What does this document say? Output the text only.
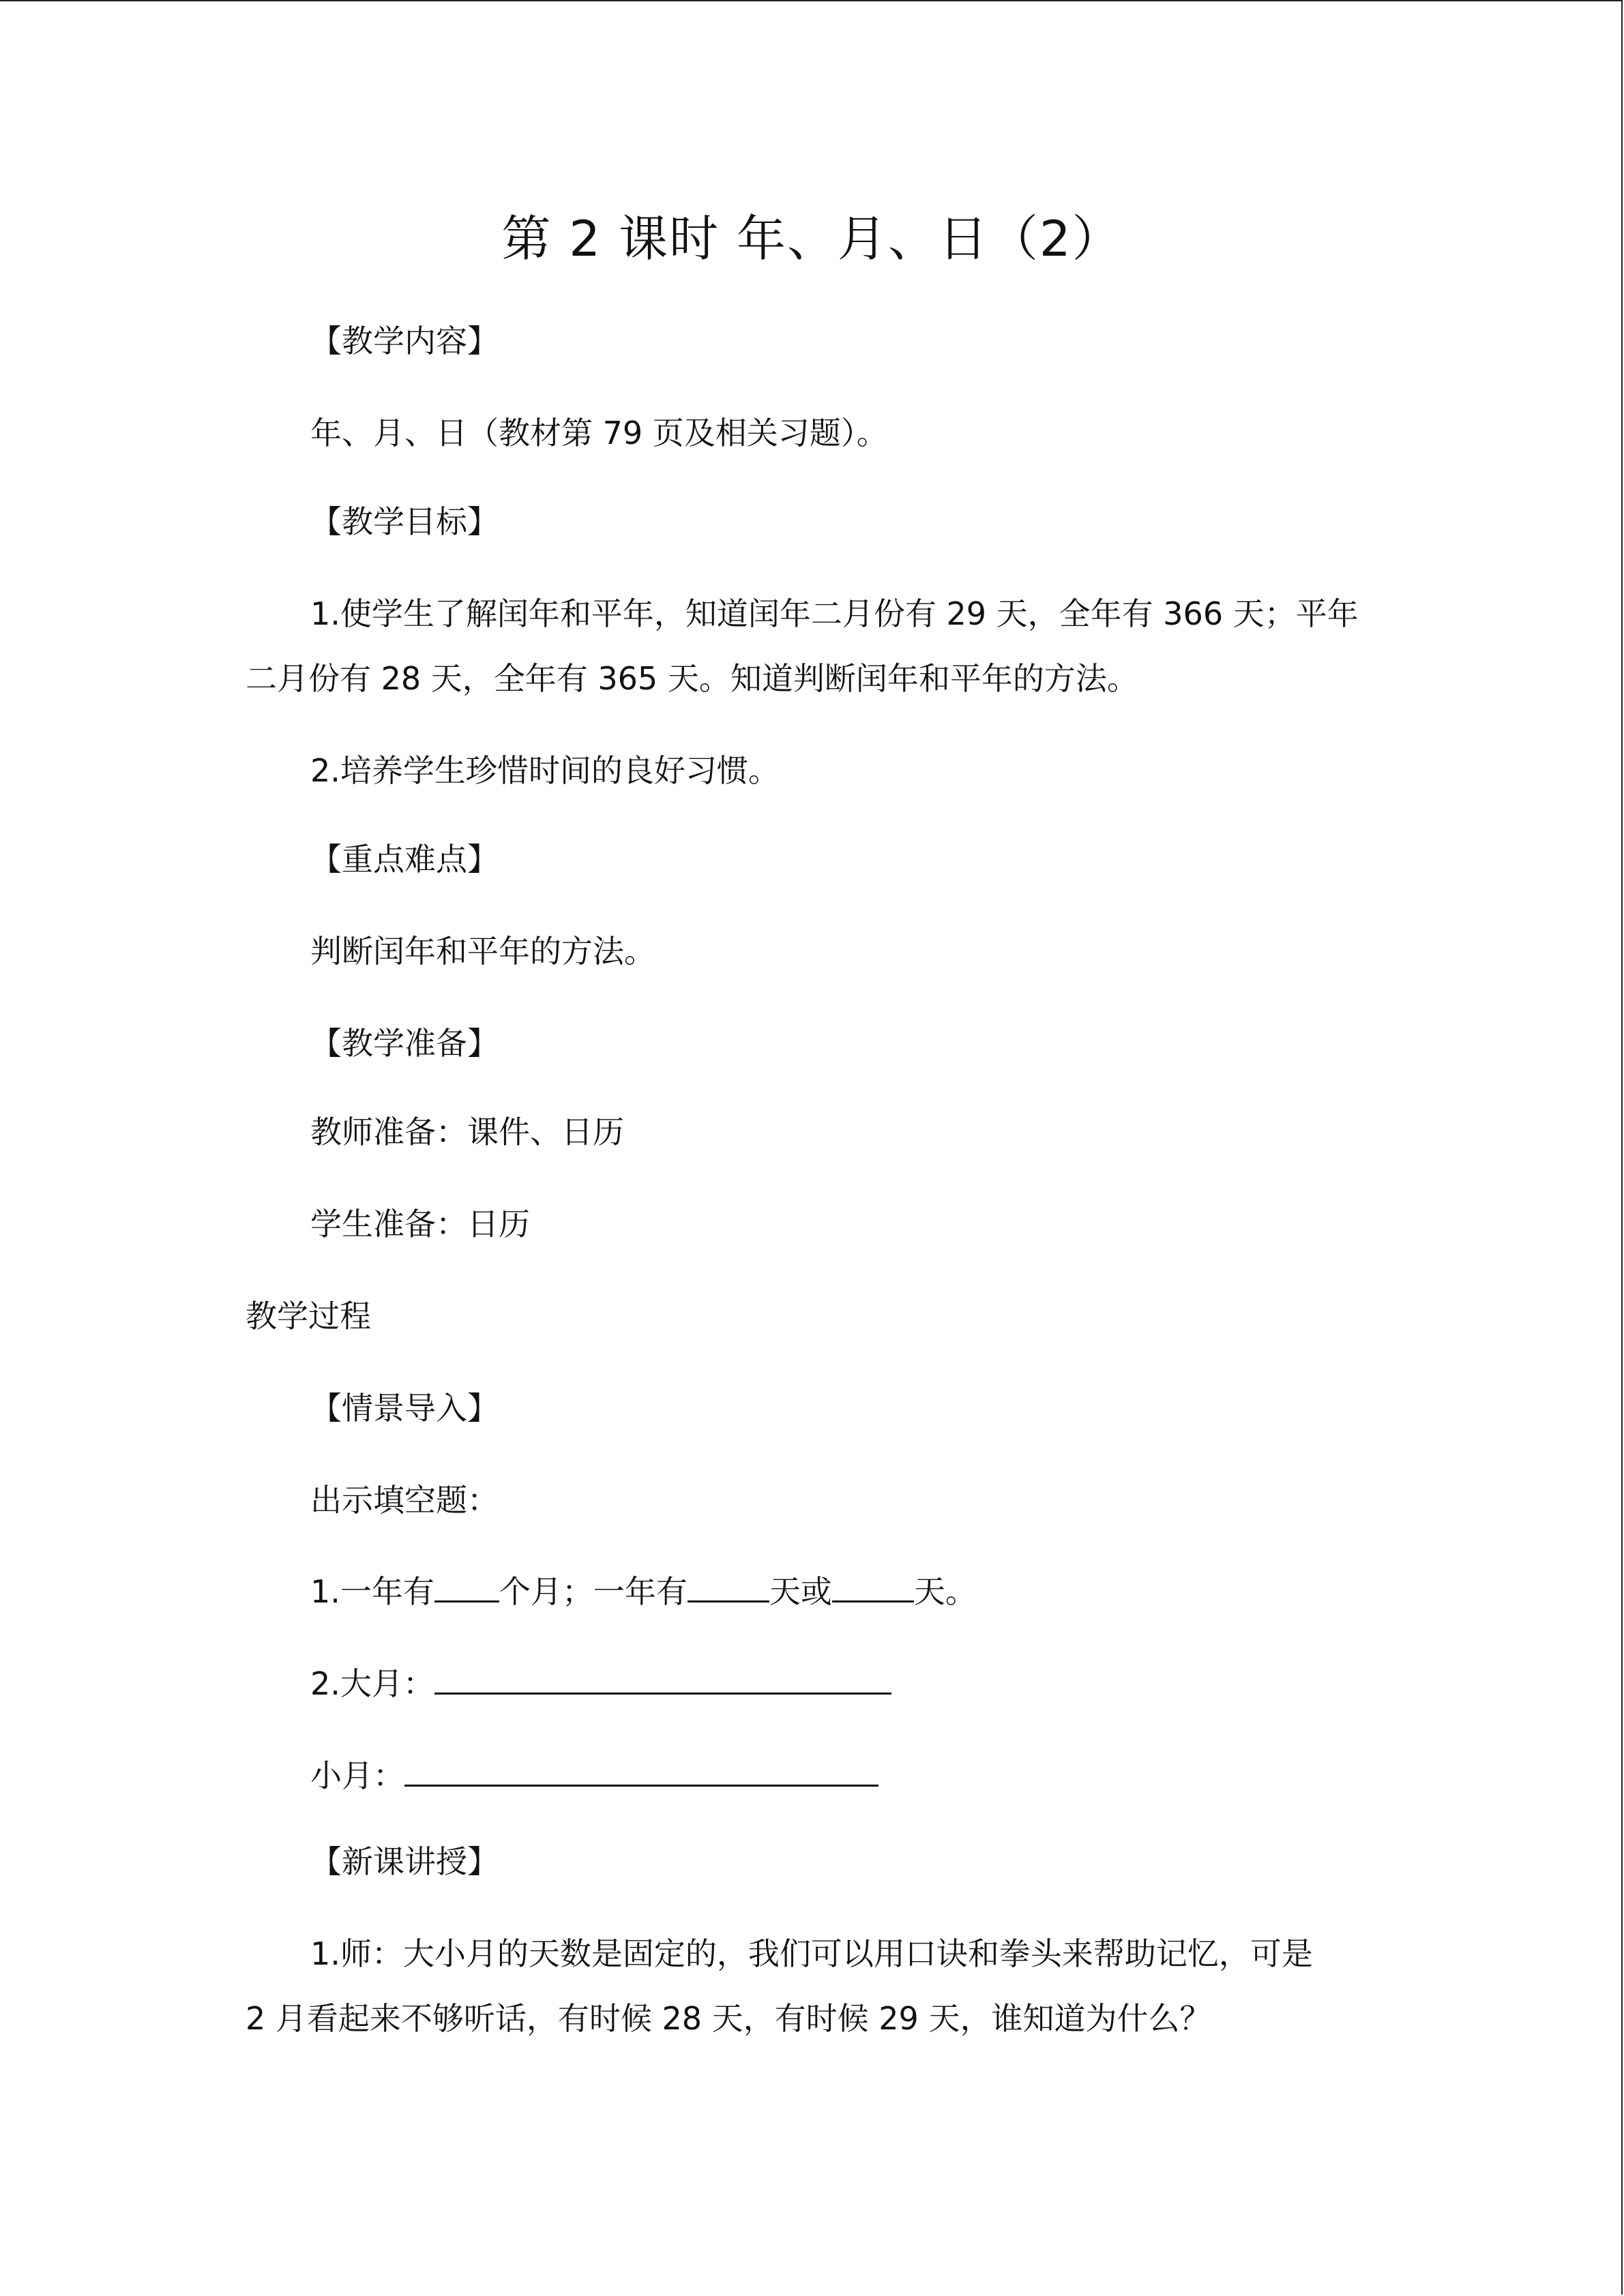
第 2 课时 年、月、日（2）
【教学内容】
年、月、日（教材第 79 页及相关习题）。
【教学目标】
1.使学生了解闰年和平年，知道闰年二月份有 29 天，全年有 366 天；平年
二月份有 28 天，全年有 365 天。知道判断闰年和平年的方法。
2.培养学生珍惜时间的良好习惯。
【重点难点】
判断闰年和平年的方法。
【教学准备】
教师准备：课件、日历
学生准备：日历
教学过程
【情景导入】
出示填空题：
1.一年有 个月；一年有	天或	天。
2.大月：
小月：
【新课讲授】
1.师：大小月的天数是固定的，我们可以用口诀和拳头来帮助记忆，可是
2 月看起来不够听话，有时候 28 天，有时候 29 天，谁知道为什么？
